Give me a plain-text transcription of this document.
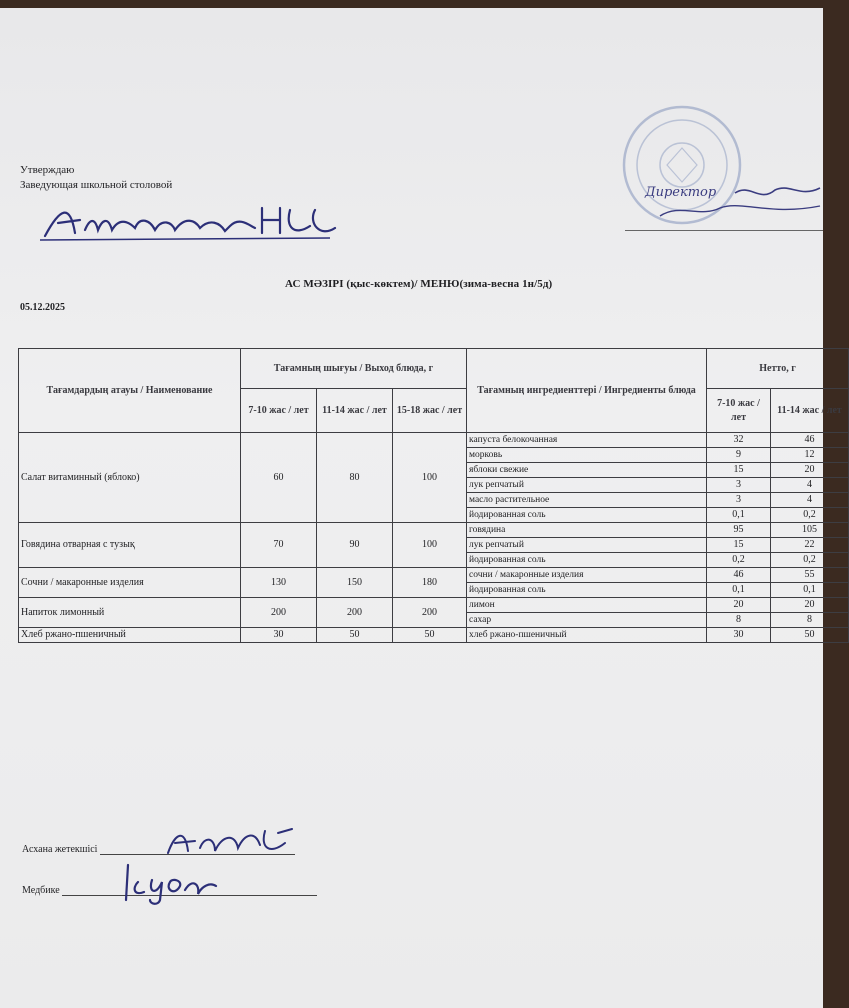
Утверждаю
Заведующая школьной столовой	Директор
АС МӘЗІРІ (қыс-көктем)/ МЕНЮ(зима-весна 1н/5д)
05.12.2025
Тағамдардың атауы / Наименование	Тағамның шығуы / Выход блюда, г			Тағамның ингредиенттері / Ингредиенты блюда	Нетто, г	
	7-10 жас / лет	11-14 жас / лет	15-18 жас / лет		7-10 жас / лет	11-14 жас / лет
Салат витаминный (яблоко)	60	80	100	капуста белокочанная	32	46
				морковь	9	12
				яблоки свежие	15	20
				лук репчатый	3	4
				масло растительное	3	4
				йодированная соль	0,1	0,2
Говядина отварная с тузық	70	90	100	говядина	95	105
				лук репчатый	15	22
				йодированная соль	0,2	0,2
Сочни / макаронные изделия	130	150	180	сочни / макаронные изделия	46	55
				йодированная соль	0,1	0,1
Напиток лимонный	200	200	200	лимон	20	20
				сахар	8	8
Хлеб ржано-пшеничный	30	50	50	хлеб ржано-пшеничный	30	50
Асхана жетекшісі
Медбике
